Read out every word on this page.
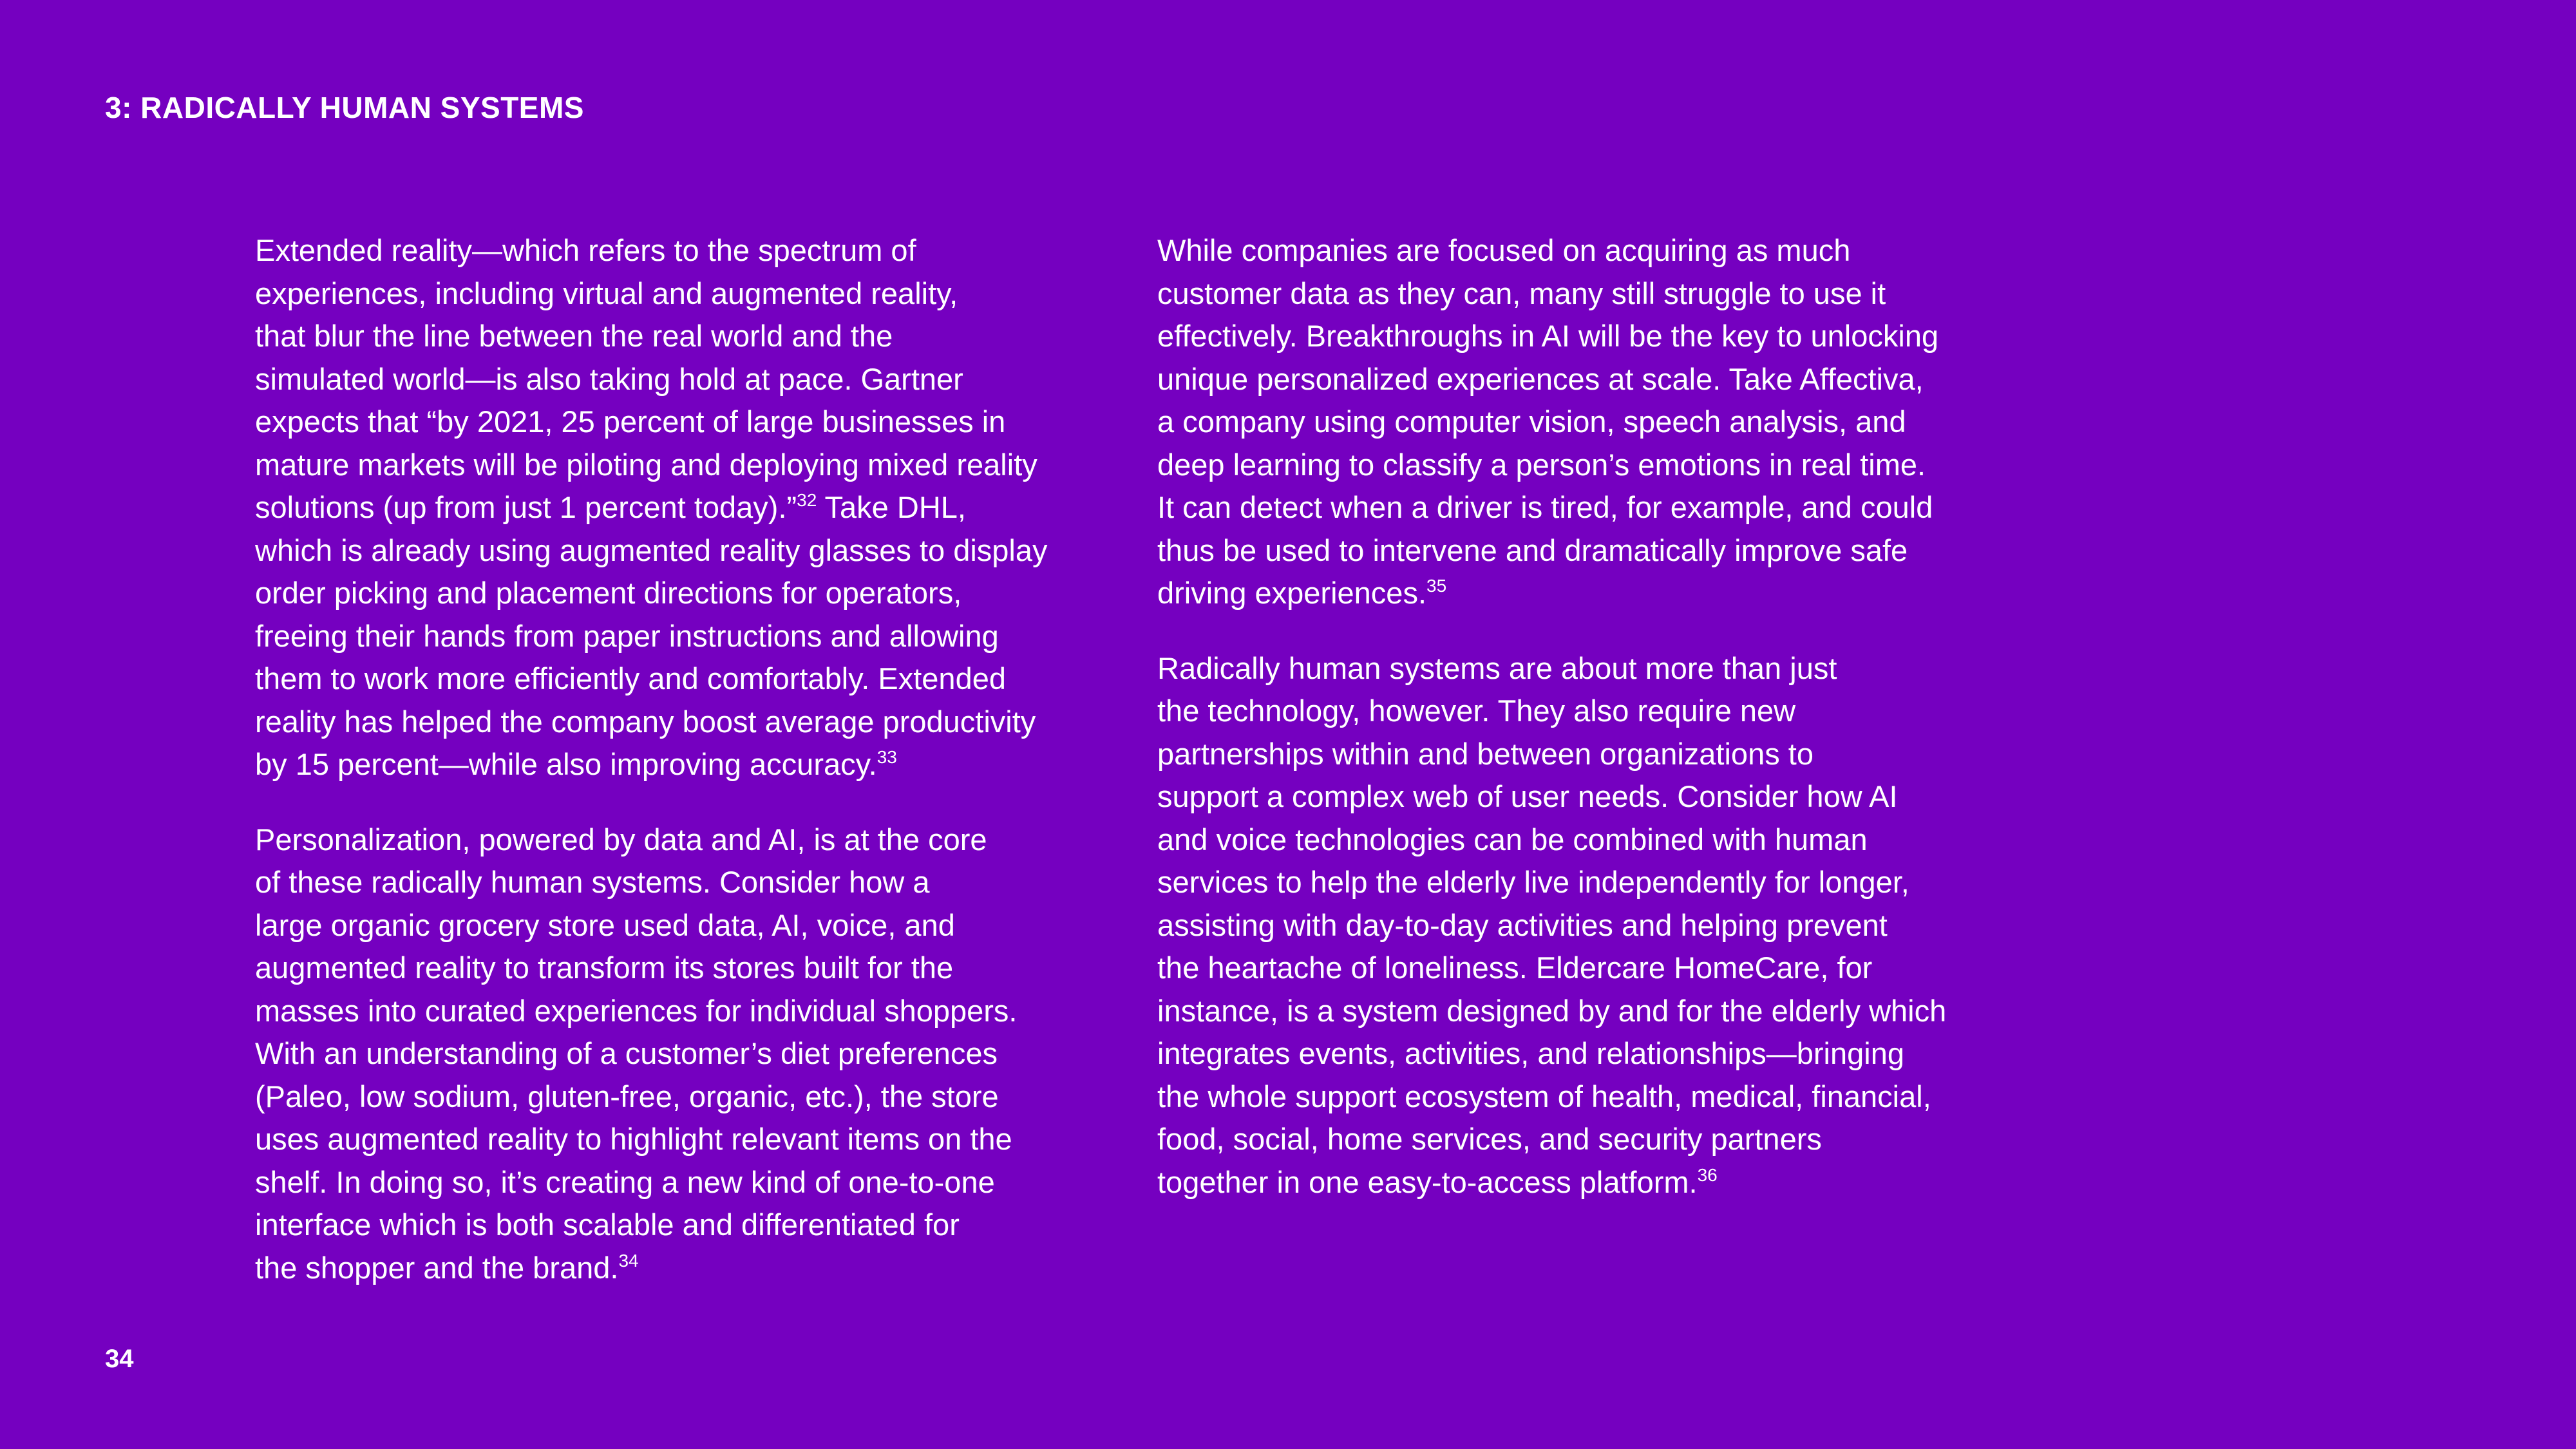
3: RADICALLY HUMAN SYSTEMS

Extended reality—which refers to the spectrum of
experiences, including virtual and augmented reality,
that blur the line between the real world and the
simulated world—is also taking hold at pace. Gartner
expects that “by 2021, 25 percent of large businesses in
mature markets will be piloting and deploying mixed reality
solutions (up from just 1 percent today).”$^{32}$ Take DHL,
which is already using augmented reality glasses to display
order picking and placement directions for operators,
freeing their hands from paper instructions and allowing
them to work more efficiently and comfortably. Extended
reality has helped the company boost average productivity
by 15 percent—while also improving accuracy.$^{33}$

Personalization, powered by data and AI, is at the core
of these radically human systems. Consider how a
large organic grocery store used data, AI, voice, and
augmented reality to transform its stores built for the
masses into curated experiences for individual shoppers.
With an understanding of a customer’s diet preferences
(Paleo, low sodium, gluten-free, organic, etc.), the store
uses augmented reality to highlight relevant items on the
shelf. In doing so, it’s creating a new kind of one-to-one
interface which is both scalable and differentiated for
the shopper and the brand.$^{34}$

While companies are focused on acquiring as much
customer data as they can, many still struggle to use it
effectively. Breakthroughs in AI will be the key to unlocking
unique personalized experiences at scale. Take Affectiva,
a company using computer vision, speech analysis, and
deep learning to classify a person’s emotions in real time.
It can detect when a driver is tired, for example, and could
thus be used to intervene and dramatically improve safe
driving experiences.$^{35}$

Radically human systems are about more than just
the technology, however. They also require new
partnerships within and between organizations to
support a complex web of user needs. Consider how AI
and voice technologies can be combined with human
services to help the elderly live independently for longer,
assisting with day-to-day activities and helping prevent
the heartache of loneliness. Eldercare HomeCare, for
instance, is a system designed by and for the elderly which
integrates events, activities, and relationships—bringing
the whole support ecosystem of health, medical, financial,
food, social, home services, and security partners
together in one easy-to-access platform.$^{36}$

34
